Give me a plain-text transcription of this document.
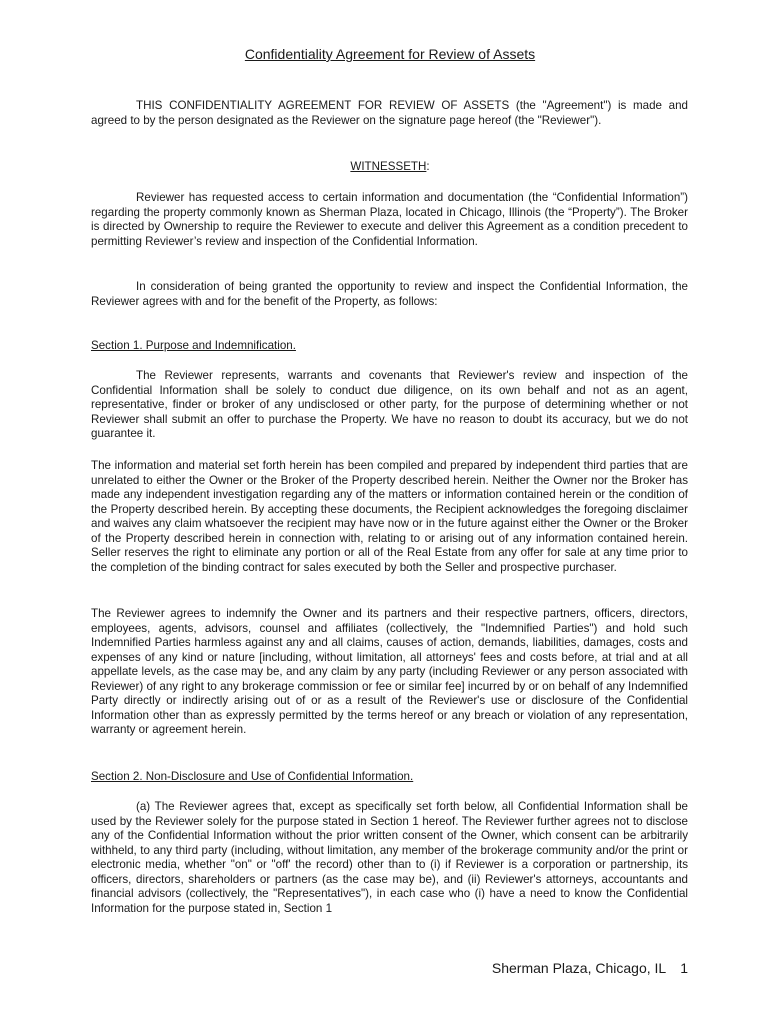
Confidentiality Agreement for Review of Assets
THIS CONFIDENTIALITY AGREEMENT FOR REVIEW OF ASSETS (the "Agreement") is made and agreed to by the person designated as the Reviewer on the signature page hereof (the "Reviewer").
WITNESSETH:
Reviewer has requested access to certain information and documentation (the “Confidential Information”) regarding the property commonly known as Sherman Plaza, located in Chicago, Illinois (the “Property”). The Broker is directed by Ownership to require the Reviewer to execute and deliver this Agreement as a condition precedent to permitting Reviewer’s review and inspection of the Confidential Information.
In consideration of being granted the opportunity to review and inspect the Confidential Information, the Reviewer agrees with and for the benefit of the Property, as follows:
Section 1. Purpose and Indemnification.
The Reviewer represents, warrants and covenants that Reviewer's review and inspection of the Confidential Information shall be solely to conduct due diligence, on its own behalf and not as an agent, representative, finder or broker of any undisclosed or other party, for the purpose of determining whether or not Reviewer shall submit an offer to purchase the Property. We have no reason to doubt its accuracy, but we do not guarantee it.
The information and material set forth herein has been compiled and prepared by independent third parties that are unrelated to either the Owner or the Broker of the Property described herein. Neither the Owner nor the Broker has made any independent investigation regarding any of the matters or information contained herein or the condition of the Property described herein. By accepting these documents, the Recipient acknowledges the foregoing disclaimer and waives any claim whatsoever the recipient may have now or in the future against either the Owner or the Broker of the Property described herein in connection with, relating to or arising out of any information contained herein. Seller reserves the right to eliminate any portion or all of the Real Estate from any offer for sale at any time prior to the completion of the binding contract for sales executed by both the Seller and prospective purchaser.
The Reviewer agrees to indemnify the Owner and its partners and their respective partners, officers, directors, employees, agents, advisors, counsel and affiliates (collectively, the "Indemnified Parties") and hold such Indemnified Parties harmless against any and all claims, causes of action, demands, liabilities, damages, costs and expenses of any kind or nature [including, without limitation, all attorneys' fees and costs before, at trial and at all appellate levels, as the case may be, and any claim by any party (including Reviewer or any person associated with Reviewer) of any right to any brokerage commission or fee or similar fee] incurred by or on behalf of any Indemnified Party directly or indirectly arising out of or as a result of the Reviewer's use or disclosure of the Confidential Information other than as expressly permitted by the terms hereof or any breach or violation of any representation, warranty or agreement herein.
Section 2. Non-Disclosure and Use of Confidential Information.
(a) The Reviewer agrees that, except as specifically set forth below, all Confidential Information shall be used by the Reviewer solely for the purpose stated in Section 1 hereof. The Reviewer further agrees not to disclose any of the Confidential Information without the prior written consent of the Owner, which consent can be arbitrarily withheld, to any third party (including, without limitation, any member of the brokerage community and/or the print or electronic media, whether "on" or "off' the record) other than to (i) if Reviewer is a corporation or partnership, its officers, directors, shareholders or partners (as the case may be), and (ii) Reviewer's attorneys, accountants and financial advisors (collectively, the "Representatives"), in each case who (i) have a need to know the Confidential Information for the purpose stated in, Section 1
Sherman Plaza, Chicago, IL 1
